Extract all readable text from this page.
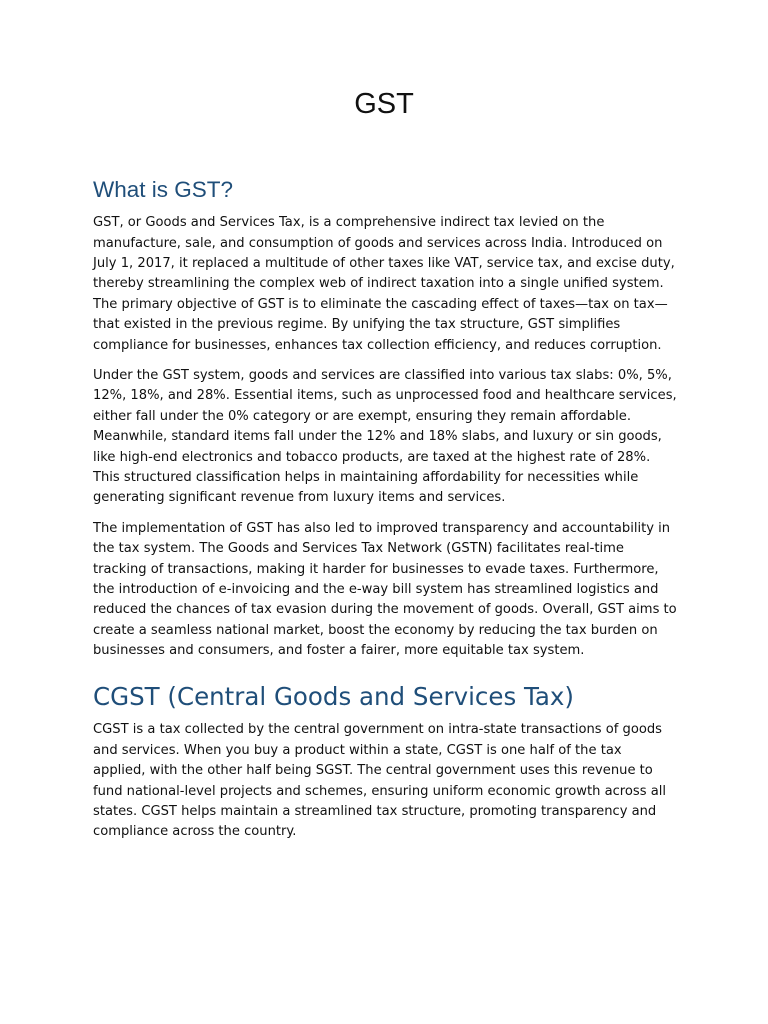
GST
What is GST?

GST, or Goods and Services Tax, is a comprehensive indirect tax levied on the manufacture, sale, and consumption of goods and services across India. Introduced on July 1, 2017, it replaced a multitude of other taxes like VAT, service tax, and excise duty, thereby streamlining the complex web of indirect taxation into a single unified system. The primary objective of GST is to eliminate the cascading effect of taxes—tax on tax—that existed in the previous regime. By unifying the tax structure, GST simplifies compliance for businesses, enhances tax collection efficiency, and reduces corruption.

Under the GST system, goods and services are classified into various tax slabs: 0%, 5%, 12%, 18%, and 28%. Essential items, such as unprocessed food and healthcare services, either fall under the 0% category or are exempt, ensuring they remain affordable. Meanwhile, standard items fall under the 12% and 18% slabs, and luxury or sin goods, like high-end electronics and tobacco products, are taxed at the highest rate of 28%. This structured classification helps in maintaining affordability for necessities while generating significant revenue from luxury items and services.

The implementation of GST has also led to improved transparency and accountability in the tax system. The Goods and Services Tax Network (GSTN) facilitates real-time tracking of transactions, making it harder for businesses to evade taxes. Furthermore, the introduction of e-invoicing and the e-way bill system has streamlined logistics and reduced the chances of tax evasion during the movement of goods. Overall, GST aims to create a seamless national market, boost the economy by reducing the tax burden on businesses and consumers, and foster a fairer, more equitable tax system.

CGST (Central Goods and Services Tax)

CGST is a tax collected by the central government on intra-state transactions of goods and services. When you buy a product within a state, CGST is one half of the tax applied, with the other half being SGST. The central government uses this revenue to fund national-level projects and schemes, ensuring uniform economic growth across all states. CGST helps maintain a streamlined tax structure, promoting transparency and compliance across the country.
